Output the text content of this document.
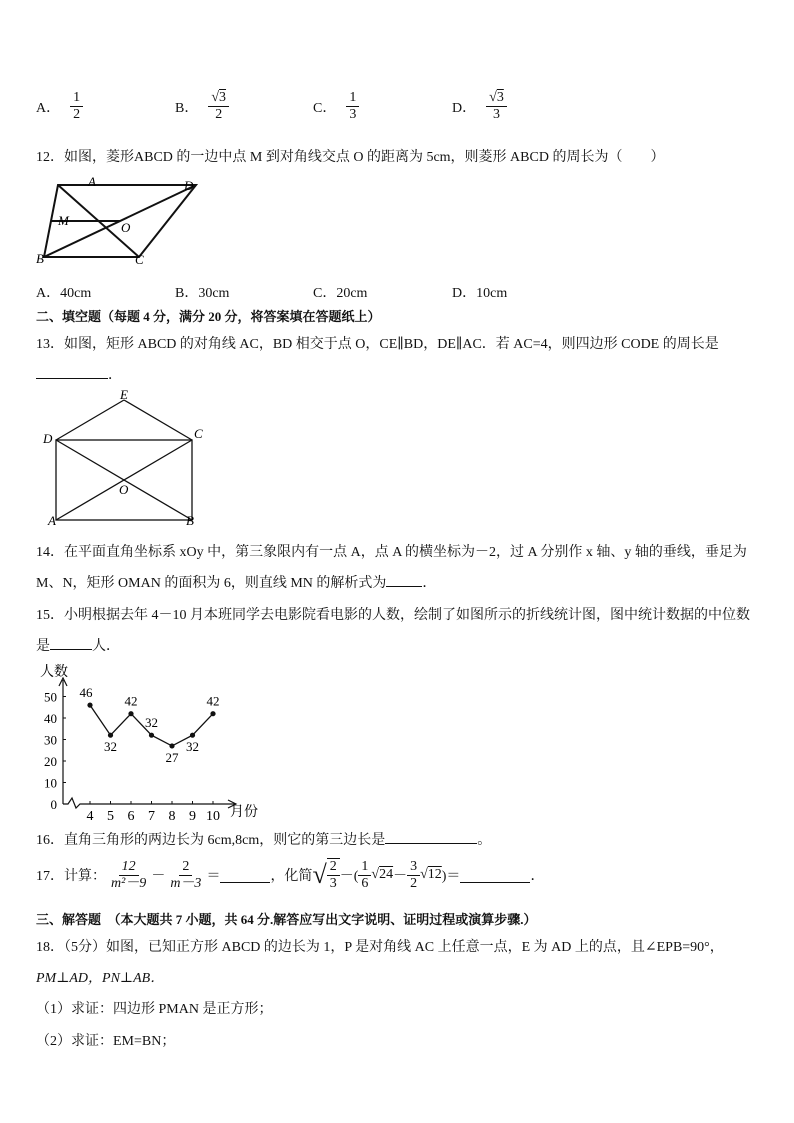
A． $\frac{1}{2}$	B． $\frac{√3}{2}$	C． $\frac{1}{3}$	D． $\frac{√3}{3}$
12．如图，菱形ABCD 的一边中点 M 到对角线交点 O 的距离为 5cm，则菱形 ABCD 的周长为（　　）
A	D
M	O
B	C
A．40cm	B．30cm	C．20cm	D．10cm
二、填空题（每题 4 分，满分 20 分，将答案填在答题纸上）
13．如图，矩形 ABCD 的对角线 AC，BD 相交于点 O，CE∥BD，DE∥AC．若 AC=4，则四边形 CODE 的周长是
．
E
D	C
O
A	B
14．在平面直角坐标系 xOy 中，第三象限内有一点 A，点 A 的横坐标为－2，过 A 分别作 x 轴、y 轴的垂线，垂足为
M、N，矩形 OMAN 的面积为 6，则直线 MN 的解析式为	．
15．小明根据去年 4－10 月本班同学去电影院看电影的人数，绘制了如图所示的折线统计图，图中统计数据的中位数
是	人．
人数
月份
0
10
20
30
40
50
4 5 6 7 8 9 10
46
32
42
32
27
32
42
16．直角三角形的两边长为 6cm,8cm，则它的第三边长是	。
17．计算： $\frac{12}{\text{m²－9}} - \frac{2}{m-3}$ ＝	，化简 √ $\frac{2}{3}$ －( $\frac{1}{6} √24 - \frac{3}{2} √12$ )＝	．
三、解答题　（本大题共 7 小题，共 64 分.解答应写出文字说明、证明过程或演算步骤.）
18．（5分）如图，已知正方形 ABCD 的边长为 1，P 是对角线 AC 上任意一点，E 为 AD 上的点，且∠EPB=90°，
PM⊥AD，PN⊥AB．
（1）求证：四边形 PMAN 是正方形；
（2）求证：EM=BN；
